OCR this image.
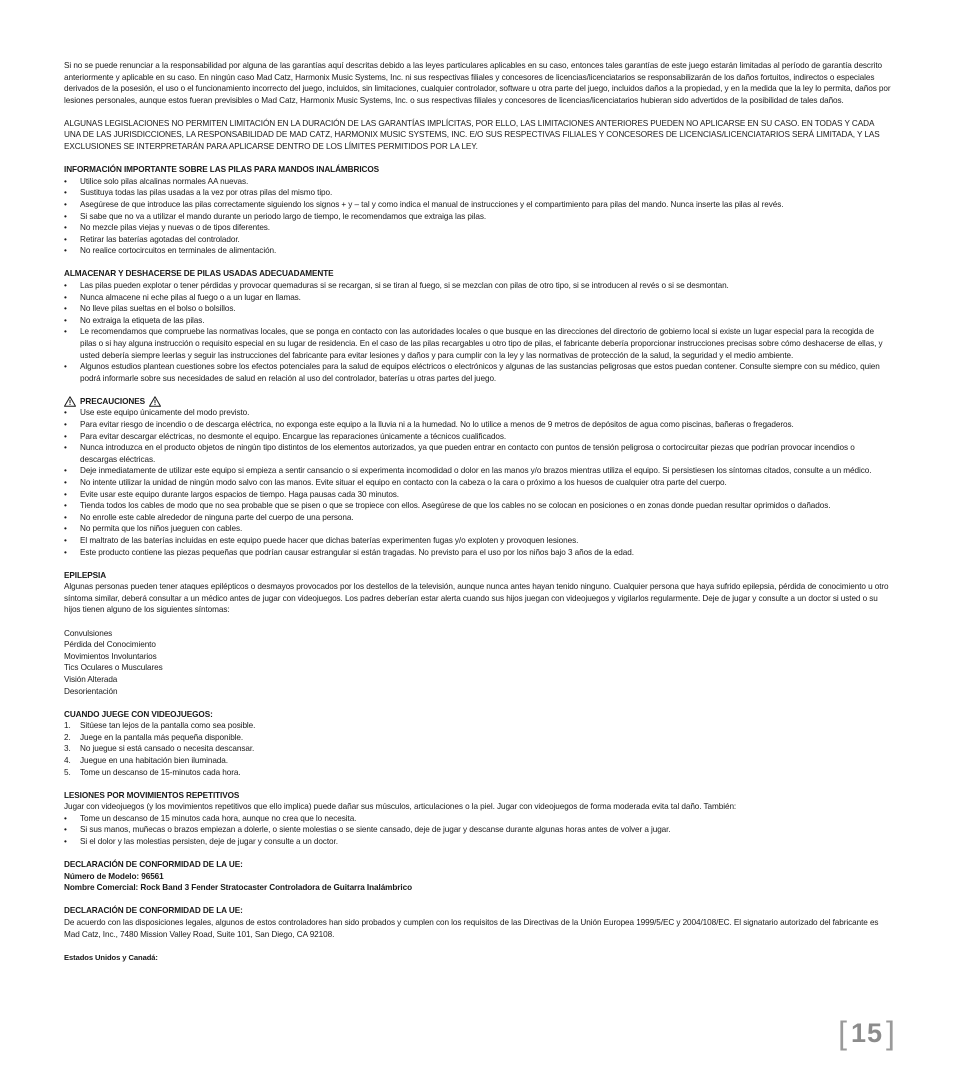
Si no se puede renunciar a la responsabilidad por alguna de las garantías aquí descritas debido a las leyes particulares aplicables en su caso, entonces tales garantías de este juego estarán limitadas al período de garantía descrito anteriormente y aplicable en su caso. En ningún caso Mad Catz, Harmonix Music Systems, Inc. ni sus respectivas filiales y concesores de licencias/licenciatarios se responsabilizarán de los daños fortuitos, indirectos o especiales derivados de la posesión, el uso o el funcionamiento incorrecto del juego, incluidos, sin limitaciones, cualquier controlador, software u otra parte del juego, incluidos daños a la propiedad, y en la medida que la ley lo permita, daños por lesiones personales, aunque estos fueran previsibles o Mad Catz, Harmonix Music Systems, Inc. o sus respectivas filiales y concesores de licencias/licenciatarios hubieran sido advertidos de la posibilidad de tales daños.

ALGUNAS LEGISLACIONES NO PERMITEN LIMITACIÓN EN LA DURACIÓN DE LAS GARANTÍAS IMPLÍCITAS, POR ELLO, LAS LIMITACIONES ANTERIORES PUEDEN NO APLICARSE EN SU CASO. EN TODAS Y CADA UNA DE LAS JURISDICCIONES, LA RESPONSABILIDAD DE MAD CATZ, HARMONIX MUSIC SYSTEMS, INC. E/O SUS RESPECTIVAS FILIALES Y CONCESORES DE LICENCIAS/LICENCIATARIOS SERÁ LIMITADA, Y LAS EXCLUSIONES SE INTERPRETARÁN PARA APLICARSE DENTRO DE LOS LÍMITES PERMITIDOS POR LA LEY.

INFORMACIÓN IMPORTANTE SOBRE LAS PILAS PARA MANDOS INALÁMBRICOS

• Utilice solo pilas alcalinas normales AA nuevas.
• Sustituya todas las pilas usadas a la vez por otras pilas del mismo tipo.
• Asegúrese de que introduce las pilas correctamente siguiendo los signos + y – tal y como indica el manual de instrucciones y el compartimiento para pilas del mando. Nunca inserte las pilas al revés.
• Si sabe que no va a utilizar el mando durante un periodo largo de tiempo, le recomendamos que extraiga las pilas.
• No mezcle pilas viejas y nuevas o de tipos diferentes.
• Retirar las baterías agotadas del controlador.
• No realice cortocircuitos en terminales de alimentación.

ALMACENAR Y DESHACERSE DE PILAS USADAS ADECUADAMENTE

• Las pilas pueden explotar o tener pérdidas y provocar quemaduras si se recargan, si se tiran al fuego, si se mezclan con pilas de otro tipo, si se introducen al revés o si se desmontan.
• Nunca almacene ni eche pilas al fuego o a un lugar en llamas.
• No lleve pilas sueltas en el bolso o bolsillos.
• No extraiga la etiqueta de las pilas.
• Le recomendamos que compruebe las normativas locales, que se ponga en contacto con las autoridades locales o que busque en las direcciones del directorio de gobierno local si existe un lugar especial para la recogida de pilas o si hay alguna instrucción o requisito especial en su lugar de residencia. En el caso de las pilas recargables u otro tipo de pilas, el fabricante debería proporcionar instrucciones precisas sobre cómo deshacerse de ellas, y usted debería siempre leerlas y seguir las instrucciones del fabricante para evitar lesiones y daños y para cumplir con la ley y las normativas de protección de la salud, la seguridad y el medio ambiente.
• Algunos estudios plantean cuestiones sobre los efectos potenciales para la salud de equipos eléctricos o electrónicos y algunas de las sustancias peligrosas que estos puedan contener. Consulte siempre con su médico, quien podrá informarle sobre sus necesidades de salud en relación al uso del controlador, baterías u otras partes del juego.

PRECAUCIONES

• Use este equipo únicamente del modo previsto.
• Para evitar riesgo de incendio o de descarga eléctrica, no exponga este equipo a la lluvia ni a la humedad. No lo utilice a menos de 9 metros de depósitos de agua como piscinas, bañeras o fregaderos.
• Para evitar descargar eléctricas, no desmonte el equipo. Encargue las reparaciones únicamente a técnicos cualificados.
• Nunca introduzca en el producto objetos de ningún tipo distintos de los elementos autorizados, ya que pueden entrar en contacto con puntos de tensión peligrosa o cortocircuitar piezas que podrían provocar incendios o descargas eléctricas.
• Deje inmediatamente de utilizar este equipo si empieza a sentir cansancio o si experimenta incomodidad o dolor en las manos y/o brazos mientras utiliza el equipo. Si persistiesen los síntomas citados, consulte a un médico.
• No intente utilizar la unidad de ningún modo salvo con las manos. Evite situar el equipo en contacto con la cabeza o la cara o próximo a los huesos de cualquier otra parte del cuerpo.
• Evite usar este equipo durante largos espacios de tiempo. Haga pausas cada 30 minutos.
• Tienda todos los cables de modo que no sea probable que se pisen o que se tropiece con ellos. Asegúrese de que los cables no se colocan en posiciones o en zonas donde puedan resultar oprimidos o dañados.
• No enrolle este cable alrededor de ninguna parte del cuerpo de una persona.
• No permita que los niños jueguen con cables.
• El maltrato de las baterías incluidas en este equipo puede hacer que dichas baterías experimenten fugas y/o exploten y provoquen lesiones.
• Este producto contiene las piezas pequeñas que podrían causar estrangular si están tragadas. No previsto para el uso por los niños bajo 3 años de la edad.

EPILEPSIA

Algunas personas pueden tener ataques epilépticos o desmayos provocados por los destellos de la televisión, aunque nunca antes hayan tenido ninguno. Cualquier persona que haya sufrido epilepsia, pérdida de conocimiento u otro síntoma similar, deberá consultar a un médico antes de jugar con videojuegos. Los padres deberían estar alerta cuando sus hijos juegan con videojuegos y vigilarlos regularmente. Deje de jugar y consulte a un doctor si usted o su hijos tienen alguno de los siguientes síntomas:

Convulsiones
Pérdida del Conocimiento
Movimientos Involuntarios
Tics Oculares o Musculares
Visión Alterada
Desorientación

CUANDO JUEGE CON VIDEOJUEGOS:

1. Sitúese tan lejos de la pantalla como sea posible.
2. Juege en la pantalla más pequeña disponible.
3. No juegue si está cansado o necesita descansar.
4. Juegue en una habitación bien iluminada.
5. Tome un descanso de 15-minutos cada hora.

LESIONES POR MOVIMIENTOS REPETITIVOS

Jugar con videojuegos (y los movimientos repetitivos que ello implica) puede dañar sus músculos, articulaciones o la piel. Jugar con videojuegos de forma moderada evita tal daño. También:

• Tome un descanso de 15 minutos cada hora, aunque no crea que lo necesita.
• Si sus manos, muñecas o brazos empiezan a dolerle, o siente molestias o se siente cansado, deje de jugar y descanse durante algunas horas antes de volver a jugar.
• Si el dolor y las molestias persisten, deje de jugar y consulte a un doctor.

DECLARACIÓN DE CONFORMIDAD DE LA UE:

Número de Modelo: 96561

Nombre Comercial: Rock Band 3 Fender Stratocaster Controladora de Guitarra Inalámbrico

DECLARACIÓN DE CONFORMIDAD DE LA UE:

De acuerdo con las disposiciones legales, algunos de estos controladores han sido probados y cumplen con los requisitos de las Directivas de la Unión Europea 1999/5/EC y 2004/108/EC. El signatario autorizado del fabricante es Mad Catz, Inc., 7480 Mission Valley Road, Suite 101, San Diego, CA 92108.

Estados Unidos y Canadá:

[ 15 ]
